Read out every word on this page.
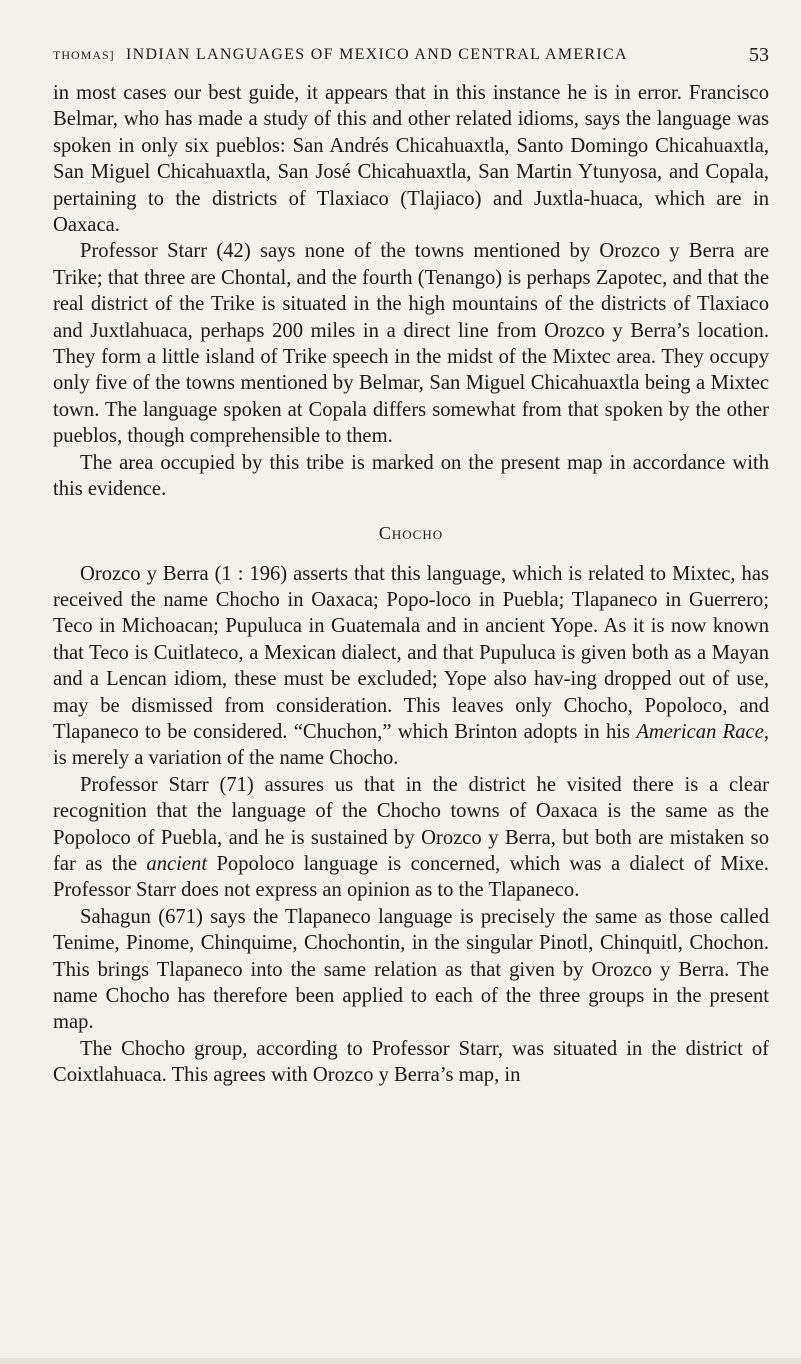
THOMAS] INDIAN LANGUAGES OF MEXICO AND CENTRAL AMERICA	53

in most cases our best guide, it appears that in this instance he is in error. Francisco Belmar, who has made a study of this and other related idioms, says the language was spoken in only six pueblos: San Andrés Chicahuaxtla, Santo Domingo Chicahuaxtla, San Miguel Chicahuaxtla, San José Chicahuaxtla, San Martin Ytunyosa, and Copala, pertaining to the districts of Tlaxiaco (Tlajiaco) and Juxtla-huaca, which are in Oaxaca.

Professor Starr (42) says none of the towns mentioned by Orozco y Berra are Trike; that three are Chontal, and the fourth (Tenango) is perhaps Zapotec, and that the real district of the Trike is situated in the high mountains of the districts of Tlaxiaco and Juxtlahuaca, perhaps 200 miles in a direct line from Orozco y Berra’s location. They form a little island of Trike speech in the midst of the Mixtec area. They occupy only five of the towns mentioned by Belmar, San Miguel Chicahuaxtla being a Mixtec town. The language spoken at Copala differs somewhat from that spoken by the other pueblos, though comprehensible to them.

The area occupied by this tribe is marked on the present map in accordance with this evidence.

Chocho

Orozco y Berra (1 : 196) asserts that this language, which is related to Mixtec, has received the name Chocho in Oaxaca; Popo-loco in Puebla; Tlapaneco in Guerrero; Teco in Michoacan; Pupuluca in Guatemala and in ancient Yope. As it is now known that Teco is Cuitlateco, a Mexican dialect, and that Pupuluca is given both as a Mayan and a Lencan idiom, these must be excluded; Yope also hav-ing dropped out of use, may be dismissed from consideration. This leaves only Chocho, Popoloco, and Tlapaneco to be considered. “Chuchon,” which Brinton adopts in his American Race, is merely a variation of the name Chocho.

Professor Starr (71) assures us that in the district he visited there is a clear recognition that the language of the Chocho towns of Oaxaca is the same as the Popoloco of Puebla, and he is sustained by Orozco y Berra, but both are mistaken so far as the ancient Popoloco language is concerned, which was a dialect of Mixe. Professor Starr does not express an opinion as to the Tlapaneco.

Sahagun (671) says the Tlapaneco language is precisely the same as those called Tenime, Pinome, Chinquime, Chochontin, in the singular Pinotl, Chinquitl, Chochon. This brings Tlapaneco into the same relation as that given by Orozco y Berra. The name Chocho has therefore been applied to each of the three groups in the present map.

The Chocho group, according to Professor Starr, was situated in the district of Coixtlahuaca. This agrees with Orozco y Berra’s map, in
